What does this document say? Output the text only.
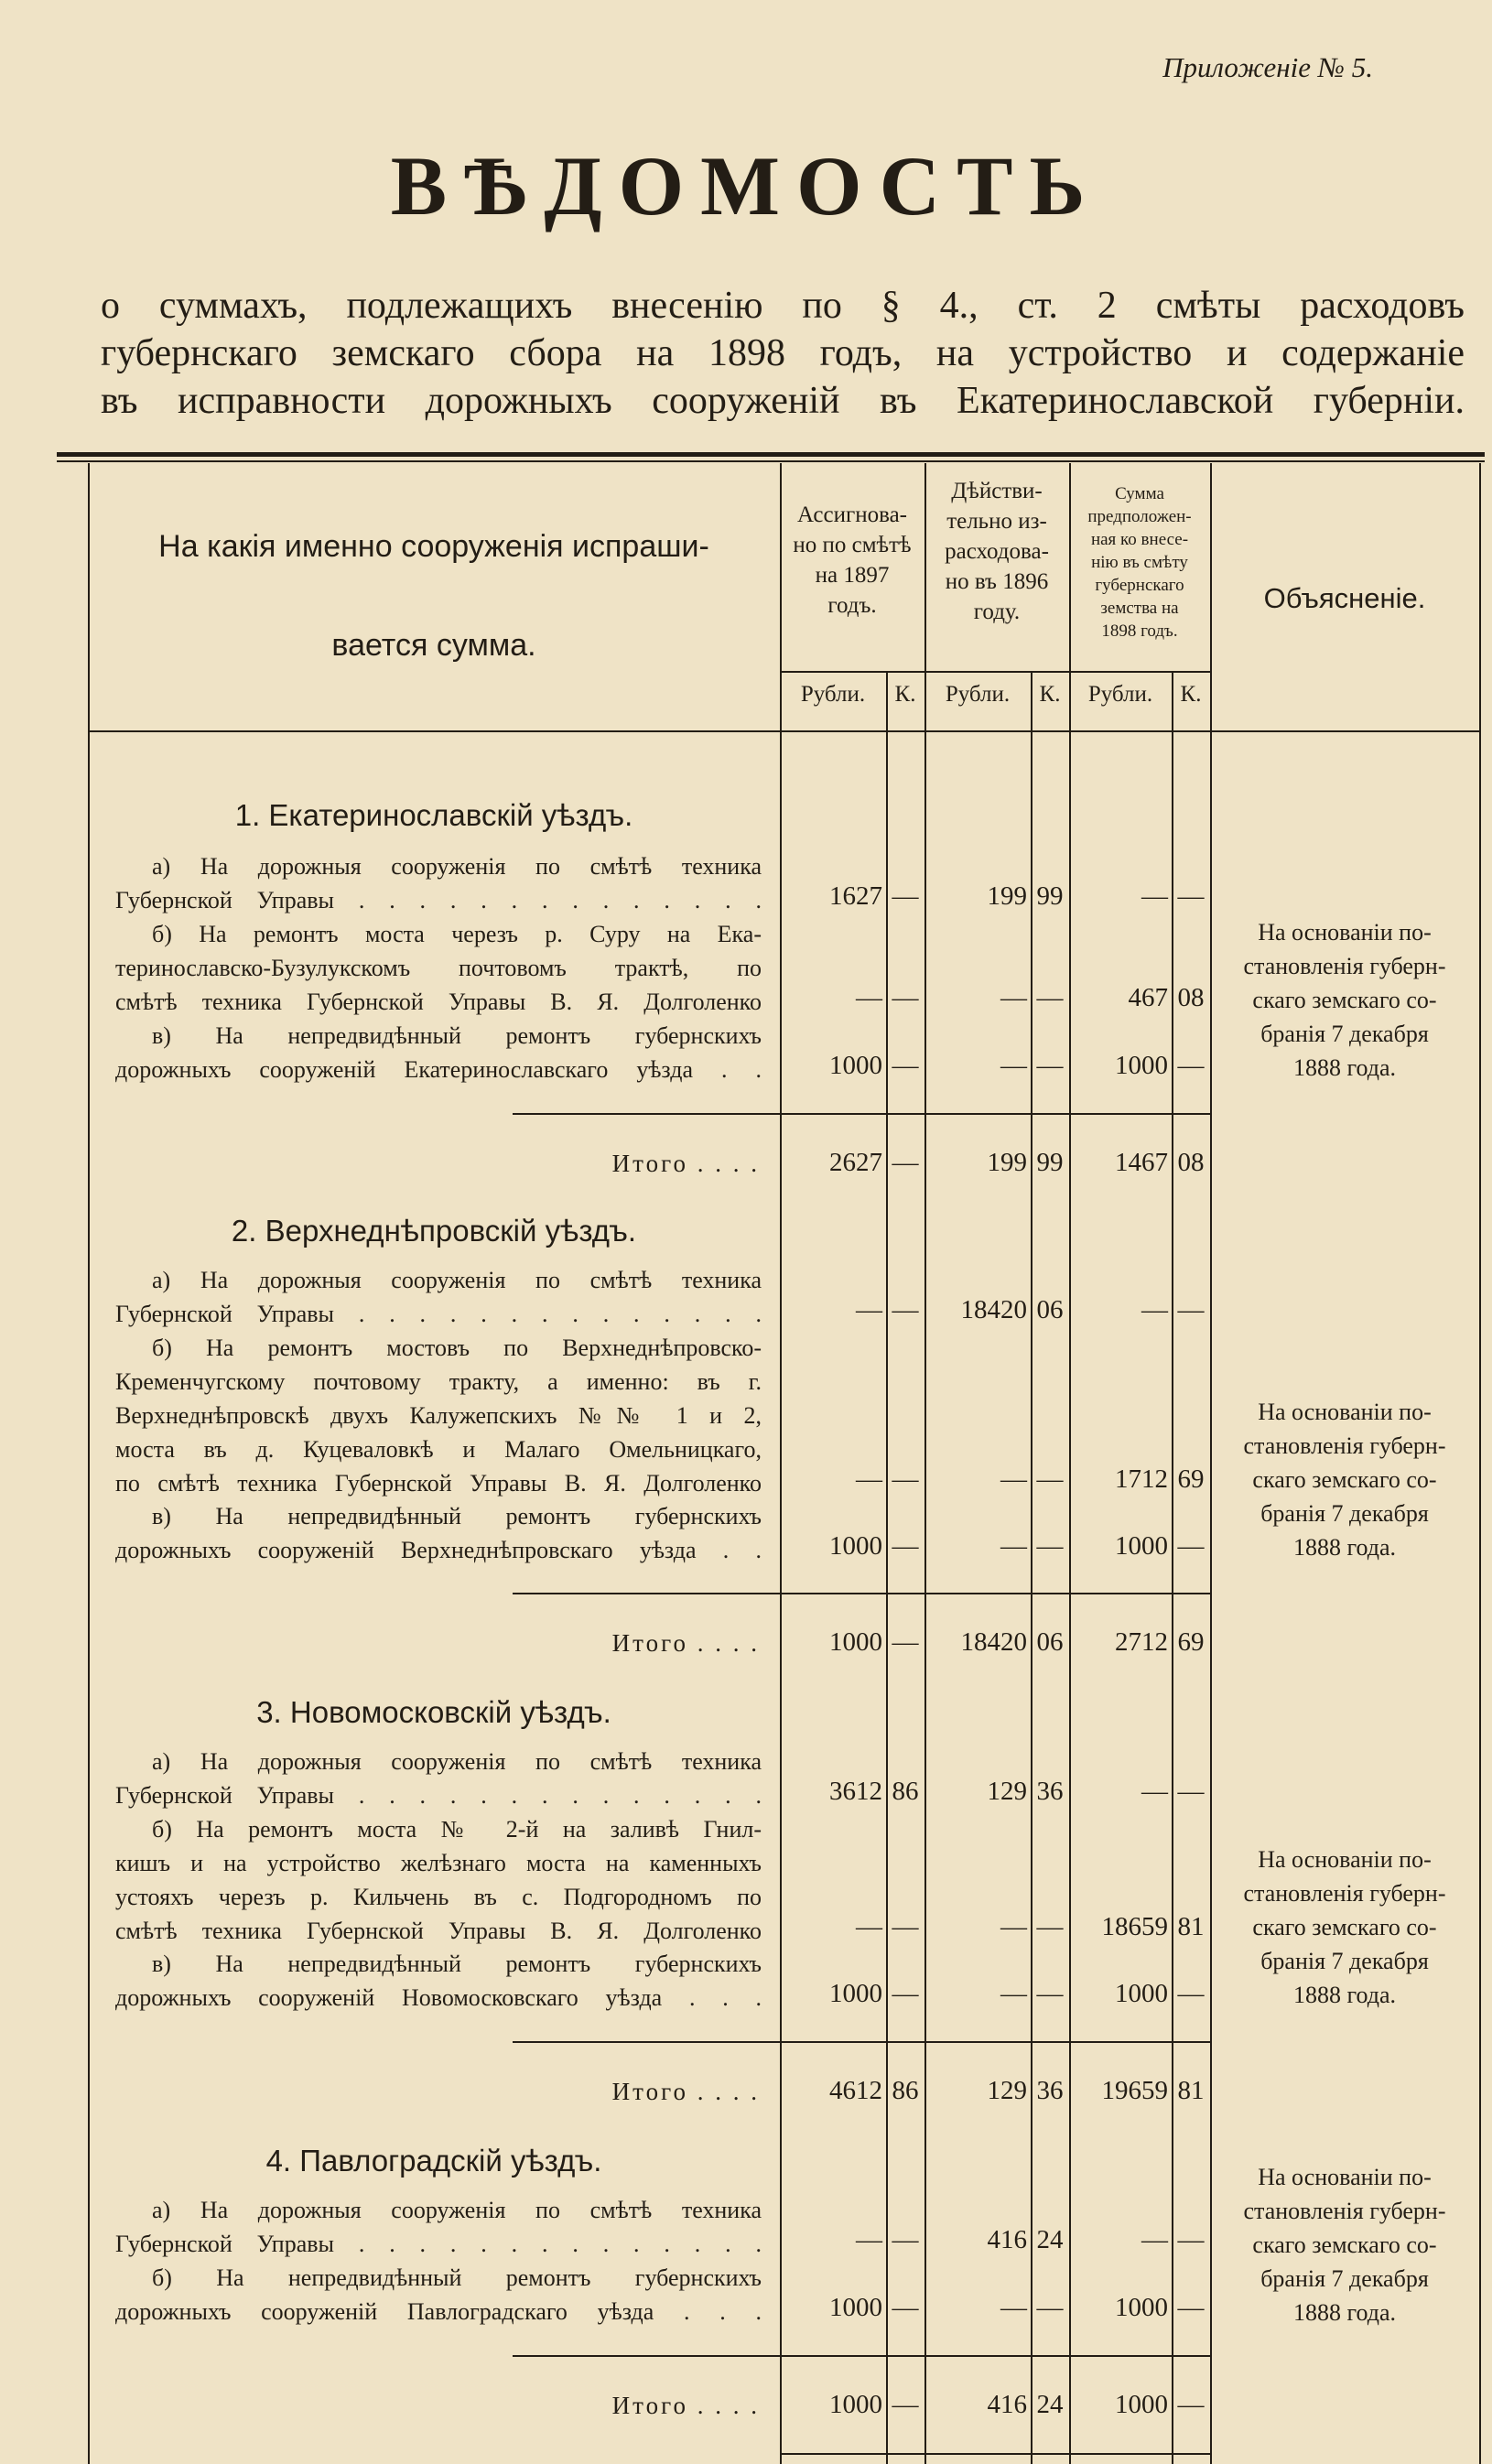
Приложеніе № 5.
ВѢДОМОСТЬ
о суммахъ, подлежащихъ внесенію по § 4., ст. 2 смѣты расходовъ
губернскаго земскаго сбора на 1898 годъ, на устройство и содержаніе
въ исправности дорожныхъ сооруженій въ Екатеринославской губерніи.
На какія именно сооруженія испраши-
вается сумма.
Ассигнова-
но по смѣтѣ
на 1897
годъ.
Дѣйстви-
тельно из-
расходова-
но въ 1896
году.
Сумма
предположен-
ная ко внесе-
нію въ смѣту
губернскаго
земства на
1898 годъ.
Объясненіе.
Рубли.	К.	Рубли.	К.	Рубли.	К.
1. Екатеринославскій уѣздъ.
а) На дорожныя сооруженія по смѣтѣ техника
Губернской Управы . . . . . . . . . . . . . .	1627 —	199 99	— —
б) На ремонтъ моста черезъ р. Суру на Ека-
теринославско-Бузулукскомъ почтовомъ трактѣ, по
смѣтѣ техника Губернской Управы В. Я. Долголенко	— —	— —	467 08
в) На непредвидѣнный ремонтъ губернскихъ
дорожныхъ сооруженій Екатеринославскаго уѣзда . .	1000 —	— —	1000 —
Итого . . . .	2627 —	199 99	1467 08
На основаніи по-
становленія губерн-
скаго земскаго со-
бранія 7 декабря
1888 года.
2. Верхнеднѣпровскій уѣздъ.
а) На дорожныя сооруженія по смѣтѣ техника
Губернской Управы . . . . . . . . . . . . . .	— —	18420 06	— —
б) На ремонтъ мостовъ по Верхнеднѣпровско-
Кременчугскому почтовому тракту, а именно: въ г.
Верхнеднѣпровскѣ двухъ Калужепскихъ №№ 1 и 2,
моста въ д. Куцеваловкѣ и Малаго Омельницкаго,
по смѣтѣ техника Губернской Управы В. Я. Долголенко	— —	— —	1712 69
в) На непредвидѣнный ремонтъ губернскихъ
дорожныхъ сооруженій Верхнеднѣпровскаго уѣзда . .	1000 —	— —	1000 —
Итого . . . .	1000 —	18420 06	2712 69
На основаніи по-
становленія губерн-
скаго земскаго со-
бранія 7 декабря
1888 года.
3. Новомосковскій уѣздъ.
а) На дорожныя сооруженія по смѣтѣ техника
Губернской Управы . . . . . . . . . . . . . .	3612 86	129 36	— —
б) На ремонтъ моста № 2-й на заливѣ Гнил-
кишъ и на устройство желѣзнаго моста на каменныхъ
устояхъ черезъ р. Кильчень въ с. Подгородномъ по
смѣтѣ техника Губернской Управы В. Я. Долголенко	— —	— —	18659 81
в) На непредвидѣнный ремонтъ губернскихъ
дорожныхъ сооруженій Новомосковскаго уѣзда . . .	1000 —	— —	1000 —
Итого . . . .	4612 86	129 36	19659 81
На основаніи по-
становленія губерн-
скаго земскаго со-
бранія 7 декабря
1888 года.
4. Павлоградскій уѣздъ.
а) На дорожныя сооруженія по смѣтѣ техника
Губернской Управы . . . . . . . . . . . . . .	— —	416 24	— —
б) На непредвидѣнный ремонтъ губернскихъ
дорожныхъ сооруженій Павлоградскаго уѣзда . . .	1000 —	— —	1000 —
Итого . . . .	1000 —	416 24	1000 —
На основаніи по-
становленія губерн-
скаго земскаго со-
бранія 7 декабря
1888 года.
